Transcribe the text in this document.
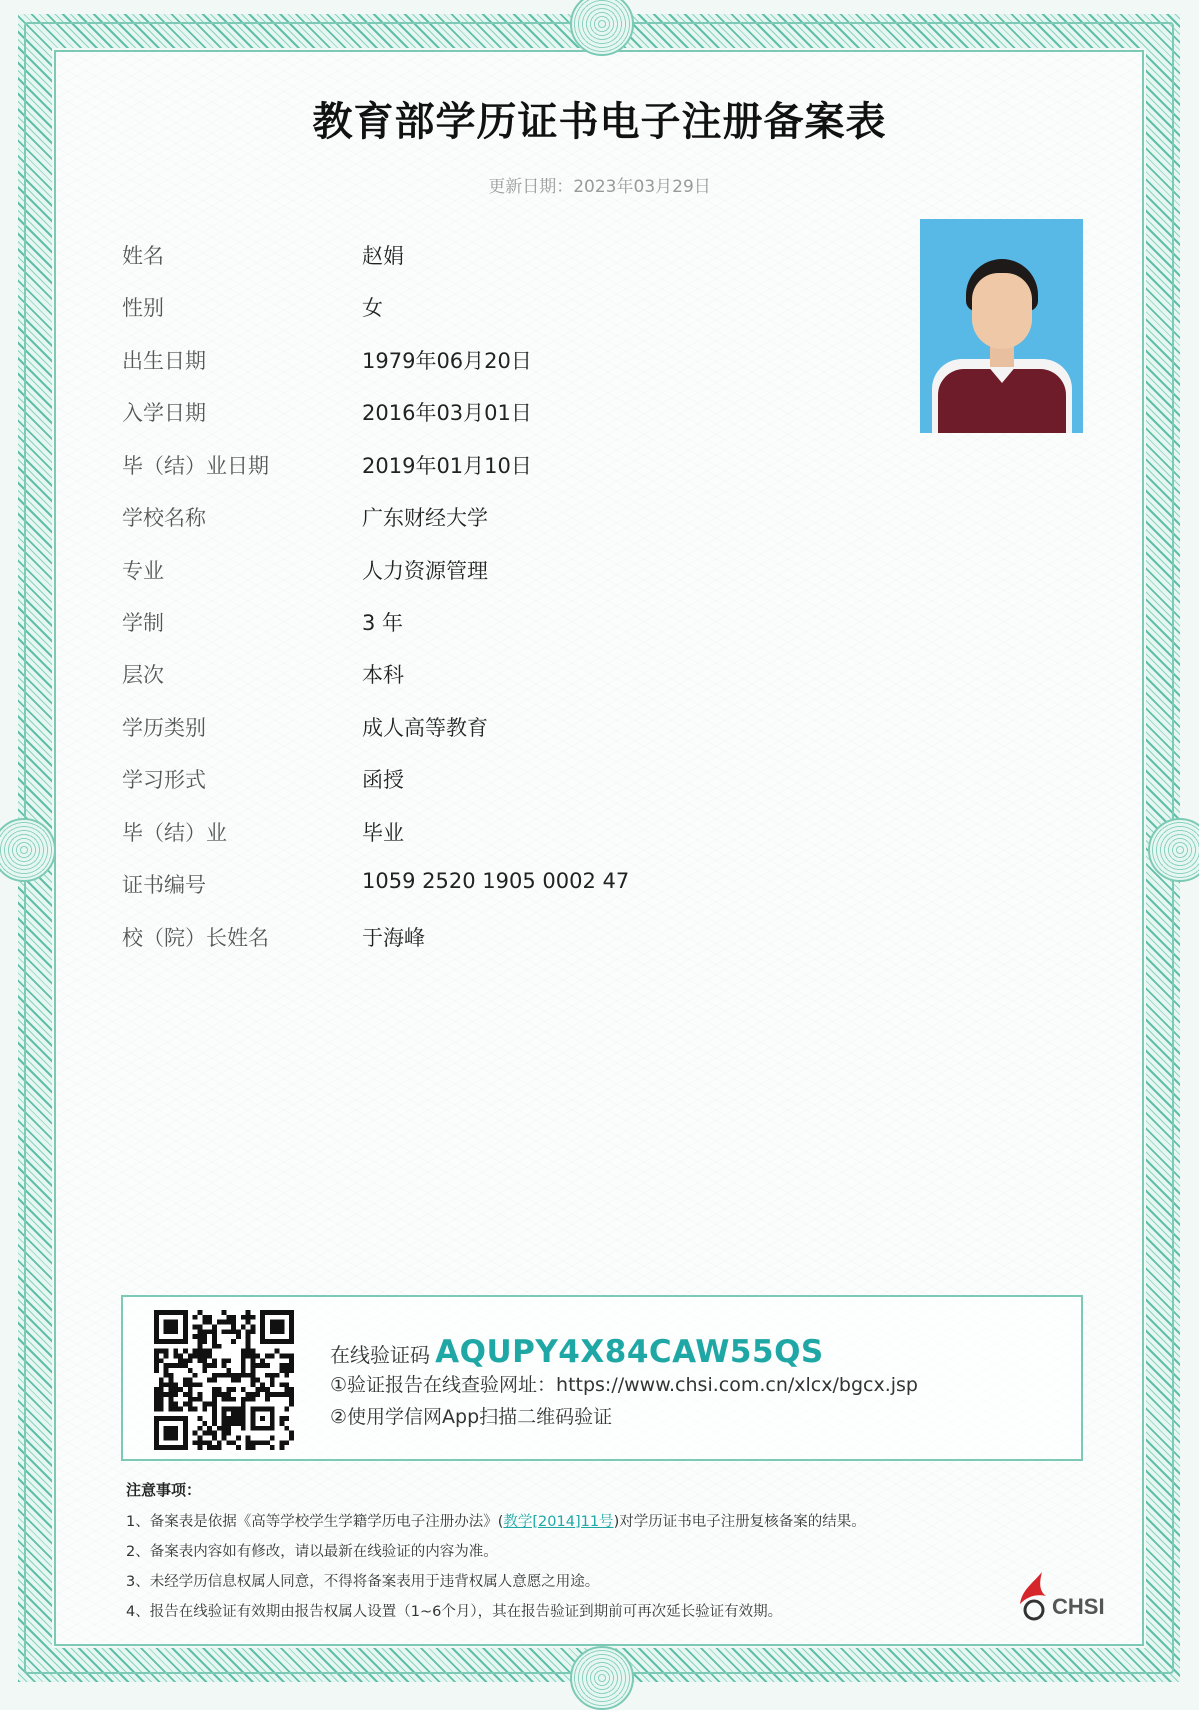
教育部学历证书电子注册备案表
更新日期：2023年03月29日
姓名	赵娟
性别	女
出生日期	1979年06月20日
入学日期	2016年03月01日
毕（结）业日期	2019年01月10日
学校名称	广东财经大学
专业	人力资源管理
学制	3 年
层次	本科
学历类别	成人高等教育
学习形式	函授
毕（结）业	毕业
证书编号	1059 2520 1905 0002 47
校（院）长姓名	于海峰
在线验证码 AQUPY4X84CAW55QS
①验证报告在线查验网址：https://www.chsi.com.cn/xlcx/bgcx.jsp
②使用学信网App扫描二维码验证
注意事项：
1、备案表是依据《高等学校学生学籍学历电子注册办法》(教学[2014]11号)对学历证书电子注册复核备案的结果。
2、备案表内容如有修改，请以最新在线验证的内容为准。
3、未经学历信息权属人同意，不得将备案表用于违背权属人意愿之用途。
4、报告在线验证有效期由报告权属人设置（1~6个月），其在报告验证到期前可再次延长验证有效期。	CHSI
